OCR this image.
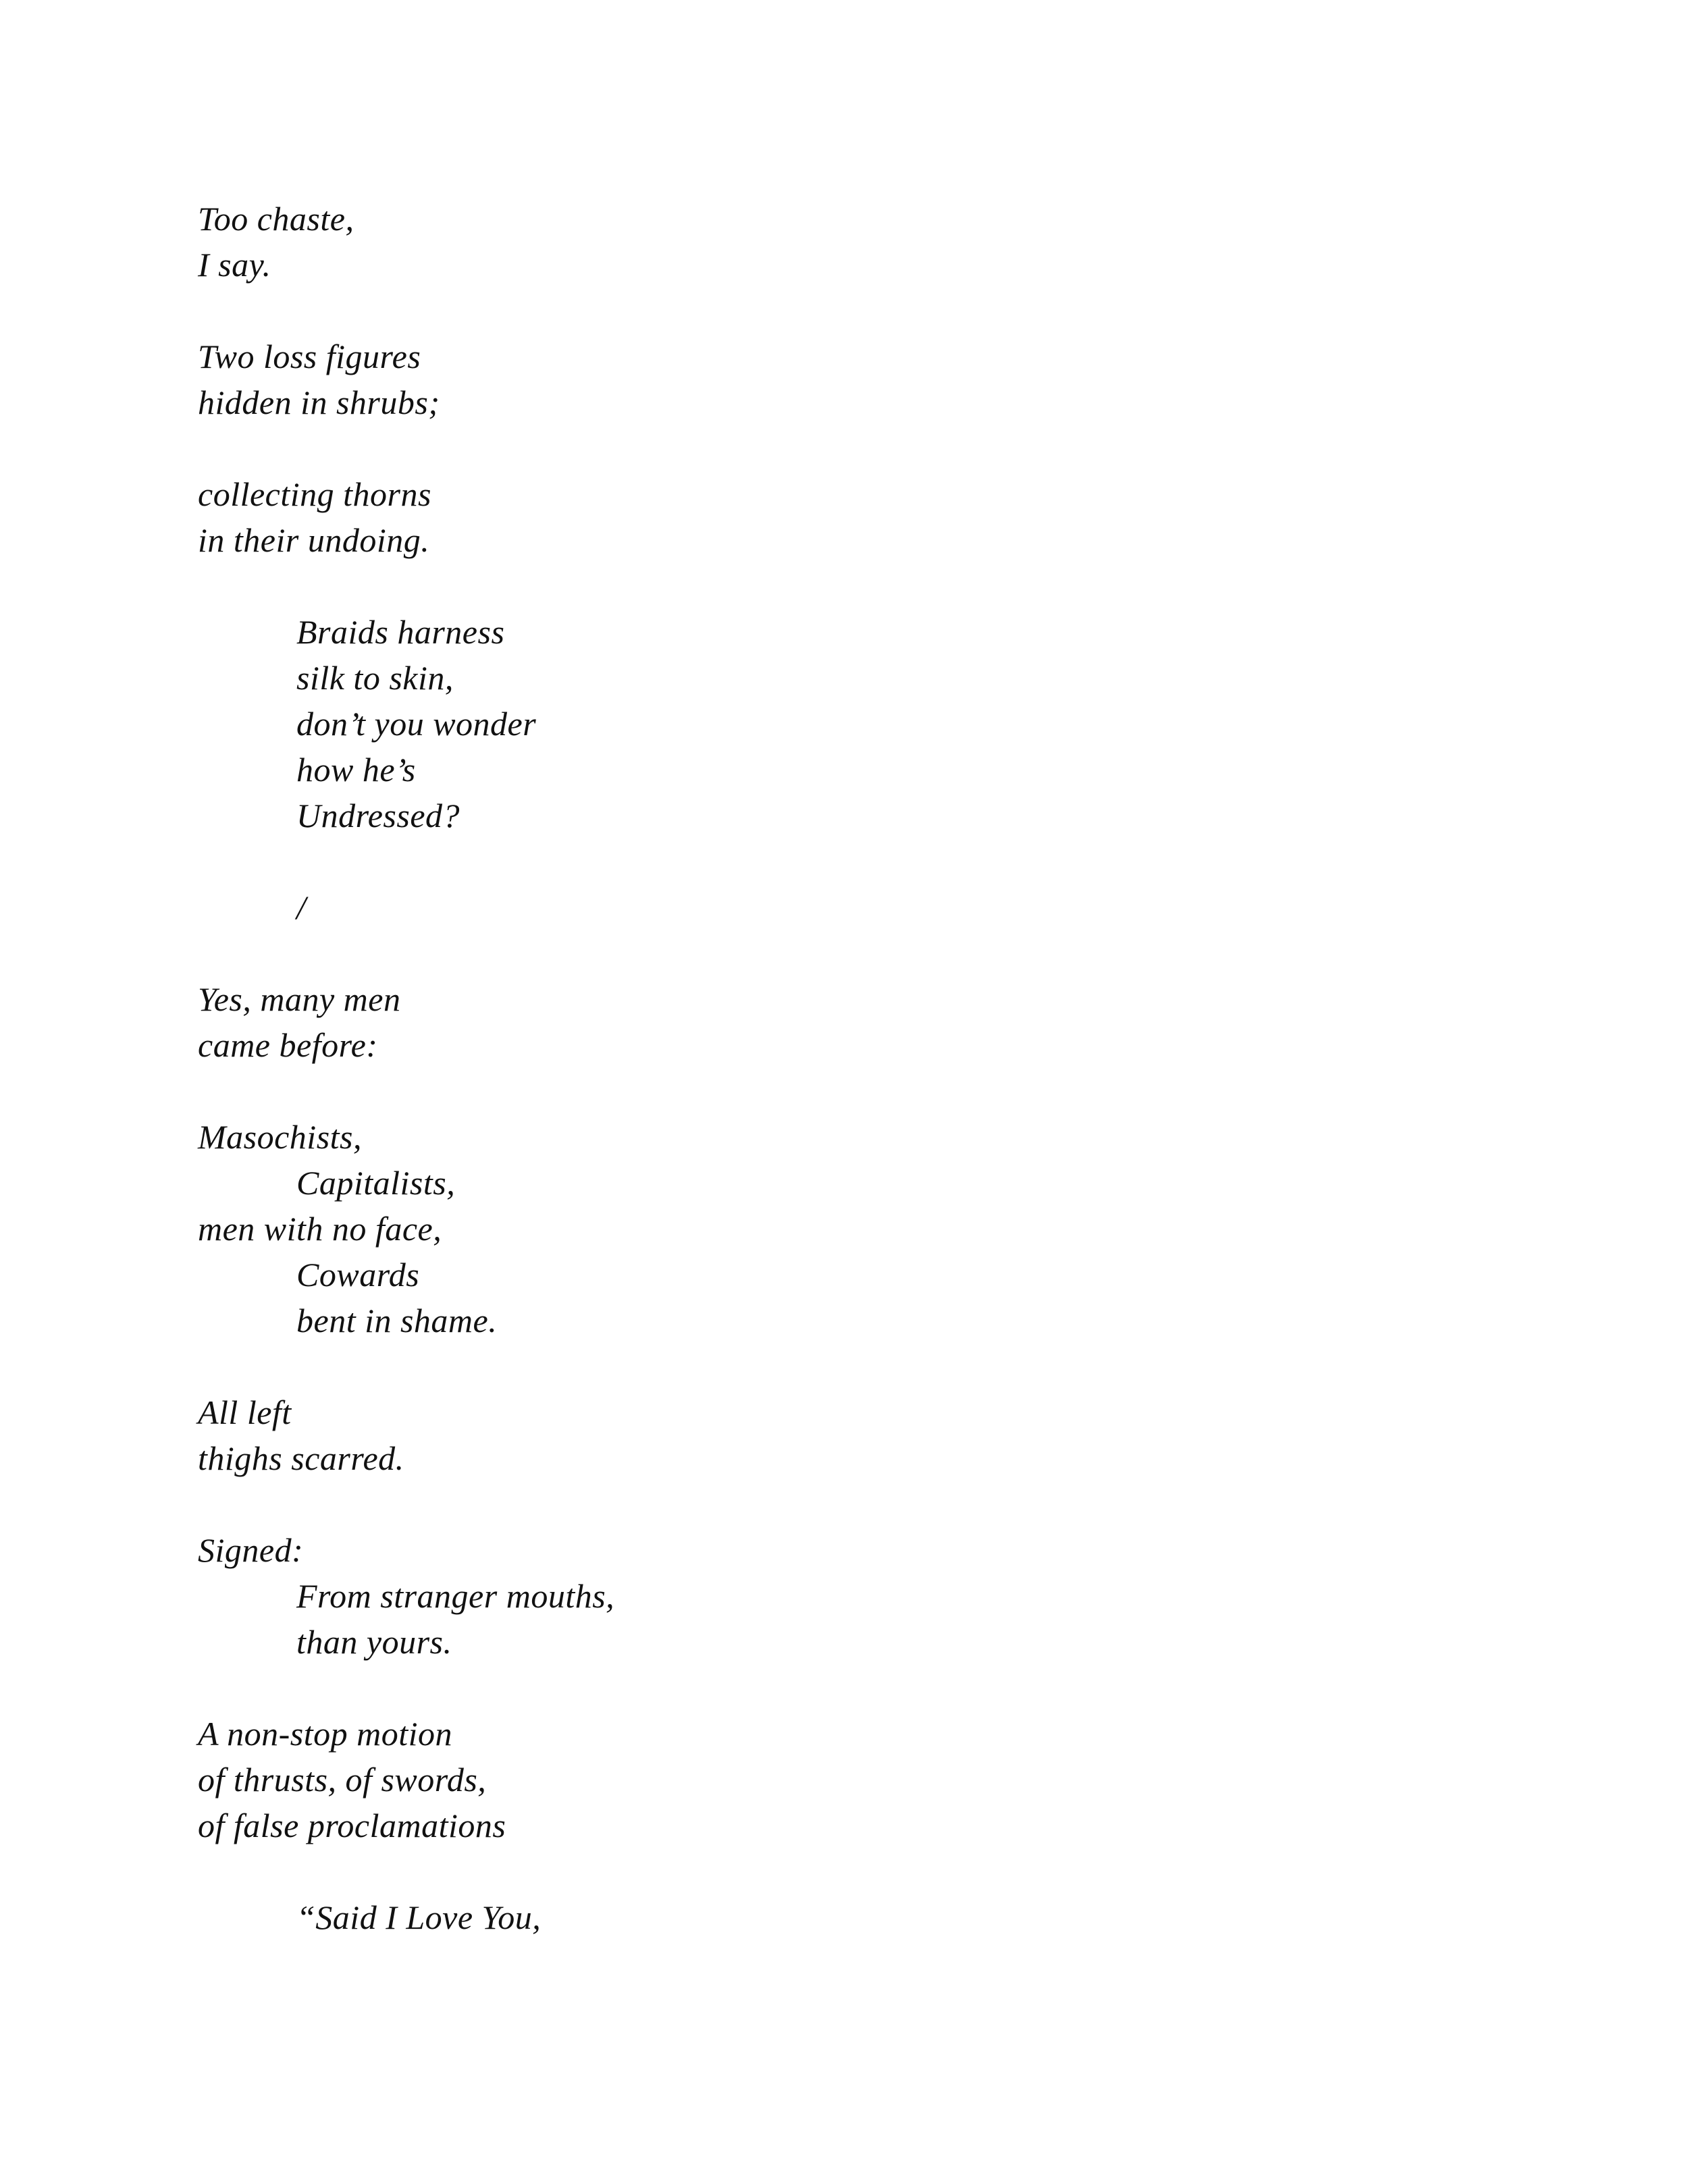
Too chaste,
I say.
Two loss figures
hidden in shrubs;
collecting thorns
in their undoing.
Braids harness
silk to skin,
don’t you wonder
how he’s
Undressed?
/
Yes, many men
came before:
Masochists,
Capitalists,
men with no face,
Cowards
bent in shame.
All left
thighs scarred.
Signed:
From stranger mouths,
than yours.
A non-stop motion
of thrusts, of swords,
of false proclamations
“Said I Love You,
